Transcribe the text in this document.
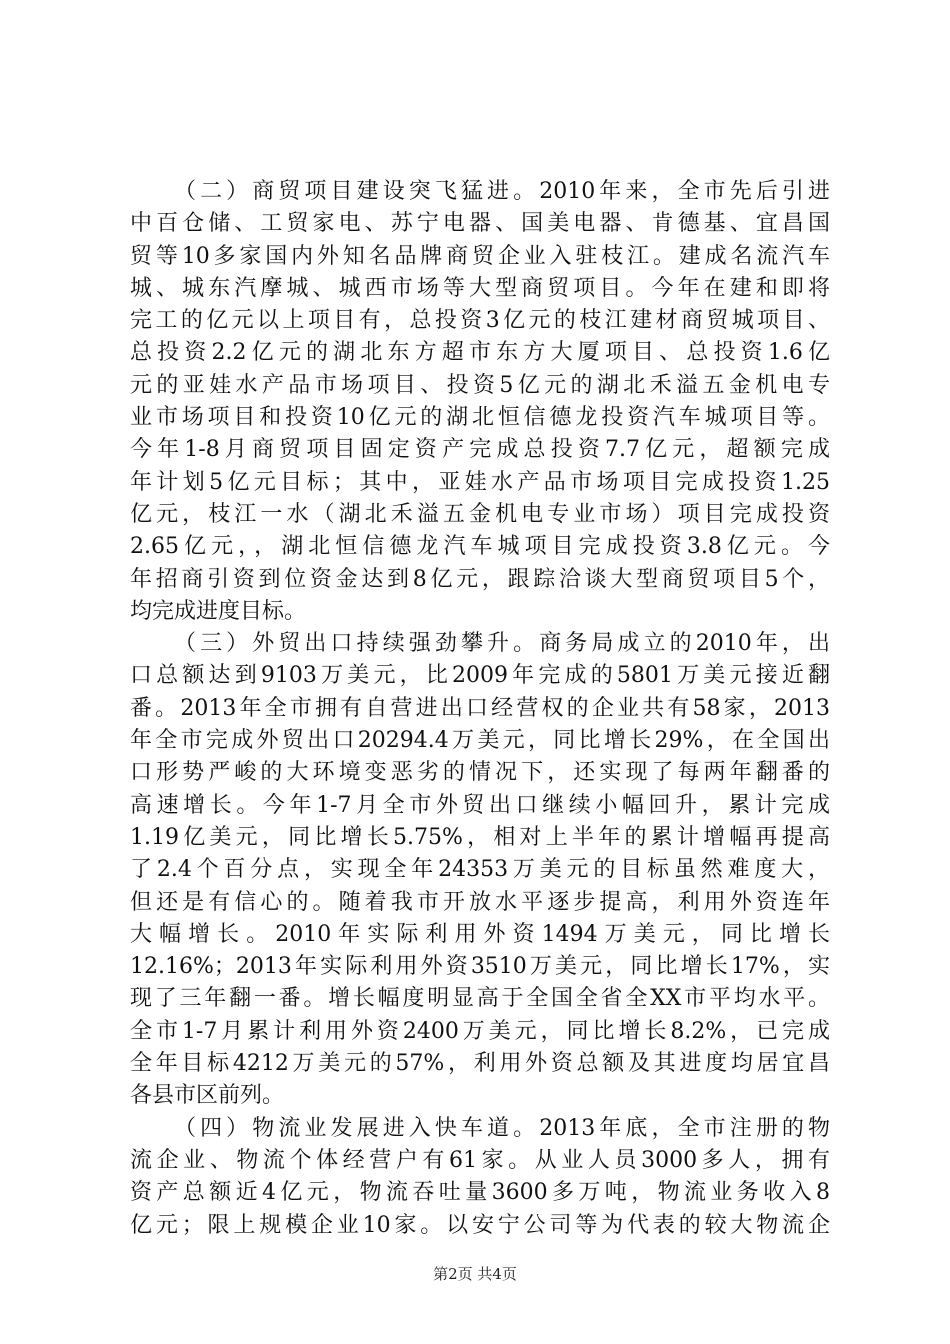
（二）商贸项目建设突飞猛进。2010年来，全市先后引进
中百仓储、工贸家电、苏宁电器、国美电器、肯德基、宜昌国
贸等10多家国内外知名品牌商贸企业入驻枝江。建成名流汽车
城、城东汽摩城、城西市场等大型商贸项目。今年在建和即将
完工的亿元以上项目有，总投资3亿元的枝江建材商贸城项目、
总投资2.2亿元的湖北东方超市东方大厦项目、总投资1.6亿
元的亚娃水产品市场项目、投资5亿元的湖北禾溢五金机电专
业市场项目和投资10亿元的湖北恒信德龙投资汽车城项目等。
今年1-8月商贸项目固定资产完成总投资7.7亿元，超额完成
年计划5亿元目标；其中，亚娃水产品市场项目完成投资1.25
亿元，枝江一水（湖北禾溢五金机电专业市场）项目完成投资
2.65亿元，，湖北恒信德龙汽车城项目完成投资3.8亿元。今
年招商引资到位资金达到8亿元，跟踪洽谈大型商贸项目5个，
均完成进度目标。
（三）外贸出口持续强劲攀升。商务局成立的2010年，出
口总额达到9103万美元，比2009年完成的5801万美元接近翻
番。2013年全市拥有自营进出口经营权的企业共有58家，2013
年全市完成外贸出口20294.4万美元，同比增长29%，在全国出
口形势严峻的大环境变恶劣的情况下，还实现了每两年翻番的
高速增长。今年1-7月全市外贸出口继续小幅回升，累计完成
1.19亿美元，同比增长5.75%，相对上半年的累计增幅再提高
了2.4个百分点，实现全年24353万美元的目标虽然难度大，
但还是有信心的。随着我市开放水平逐步提高，利用外资连年
大幅增长。2010年实际利用外资1494万美元，同比增长
12.16%；2013年实际利用外资3510万美元，同比增长17%，实
现了三年翻一番。增长幅度明显高于全国全省全XX市平均水平。
全市1-7月累计利用外资2400万美元，同比增长8.2%，已完成
全年目标4212万美元的57%，利用外资总额及其进度均居宜昌
各县市区前列。
（四）物流业发展进入快车道。2013年底，全市注册的物
流企业、物流个体经营户有61家。从业人员3000多人，拥有
资产总额近4亿元，物流吞吐量3600多万吨，物流业务收入8
亿元；限上规模企业10家。以安宁公司等为代表的较大物流企
第2页 共4页
